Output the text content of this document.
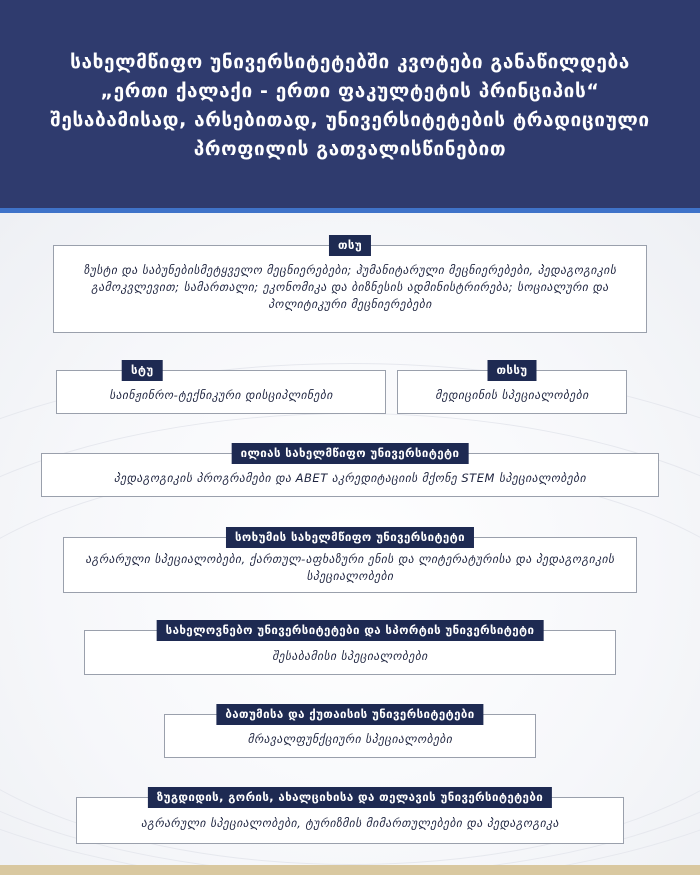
სახელმწიფო უნივერსიტეტებში კვოტები განაწილდება „ერთი ქალაქი - ერთი ფაკულტეტის პრინციპის“ შესაბამისად, არსებითად, უნივერსიტეტების ტრადიციული პროფილის გათვალისწინებით

თსუ
ზუსტი და საბუნებისმეტყველო მეცნიერებები; ჰუმანიტარული მეცნიერებები, პედაგოგიკის გამოკვლევით; სამართალი; ეკონომიკა და ბიზნესის ადმინისტრირება; სოციალური და პოლიტიკური მეცნიერებები
სტუ
საინჟინრო-ტექნიკური დისციპლინები
თსსუ
მედიცინის სპეციალობები
ილიას სახელმწიფო უნივერსიტეტი
პედაგოგიკის პროგრამები და ABET აკრედიტაციის მქონე STEM სპეციალობები
სოხუმის სახელმწიფო უნივერსიტეტი
აგრარული სპეციალობები, ქართულ-აფხაზური ენის და ლიტერატურისა და პედაგოგიკის სპეციალობები
სახელოვნებო უნივერსიტეტები და სპორტის უნივერსიტეტი
შესაბამისი სპეციალობები
ბათუმისა და ქუთაისის უნივერსიტეტები
მრავალფუნქციური სპეციალობები
ზუგდიდის, გორის, ახალციხისა და თელავის უნივერსიტეტები
აგრარული სპეციალობები, ტურიზმის მიმართულებები და პედაგოგიკა
